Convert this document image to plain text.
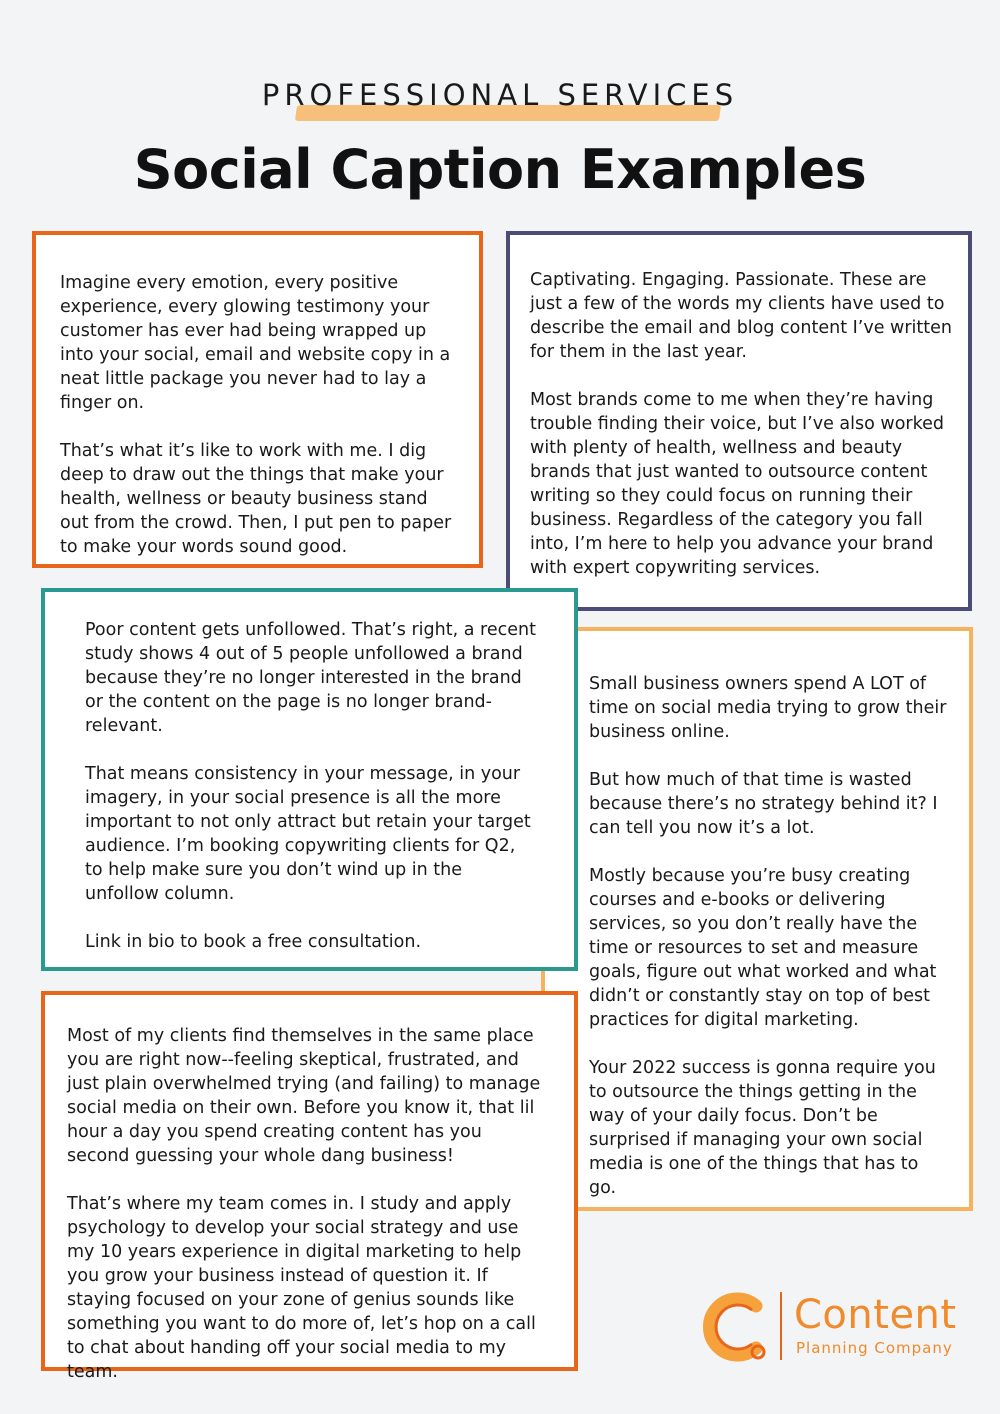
PROFESSIONAL SERVICES
Social Caption Examples

Imagine every emotion, every positive experience, every glowing testimony your customer has ever had being wrapped up into your social, email and website copy in a neat little package you never had to lay a finger on.

That’s what it’s like to work with me. I dig deep to draw out the things that make your health, wellness or beauty business stand out from the crowd. Then, I put pen to paper to make your words sound good.

Captivating. Engaging. Passionate. These are just a few of the words my clients have used to describe the email and blog content I’ve written for them in the last year.

Most brands come to me when they’re having trouble finding their voice, but I’ve also worked with plenty of health, wellness and beauty brands that just wanted to outsource content writing so they could focus on running their business. Regardless of the category you fall into, I’m here to help you advance your brand with expert copywriting services.

Small business owners spend A LOT of time on social media trying to grow their business online.

But how much of that time is wasted because there’s no strategy behind it? I can tell you now it’s a lot.

Mostly because you’re busy creating courses and e-books or delivering services, so you don’t really have the time or resources to set and measure goals, figure out what worked and what didn’t or constantly stay on top of best practices for digital marketing.

Your 2022 success is gonna require you to outsource the things getting in the way of your daily focus. Don’t be surprised if managing your own social media is one of the things that has to go.

Poor content gets unfollowed. That’s right, a recent study shows 4 out of 5 people unfollowed a brand because they’re no longer interested in the brand or the content on the page is no longer brand-relevant.

That means consistency in your message, in your imagery, in your social presence is all the more important to not only attract but retain your target audience. I’m booking copywriting clients for Q2, to help make sure you don’t wind up in the unfollow column.

Link in bio to book a free consultation.

Most of my clients find themselves in the same place you are right now--feeling skeptical, frustrated, and just plain overwhelmed trying (and failing) to manage social media on their own. Before you know it, that lil hour a day you spend creating content has you second guessing your whole dang business!

That’s where my team comes in. I study and apply psychology to develop your social strategy and use my 10 years experience in digital marketing to help you grow your business instead of question it. If staying focused on your zone of genius sounds like something you want to do more of, let’s hop on a call to chat about handing off your social media to my team.

Content
Planning Company
